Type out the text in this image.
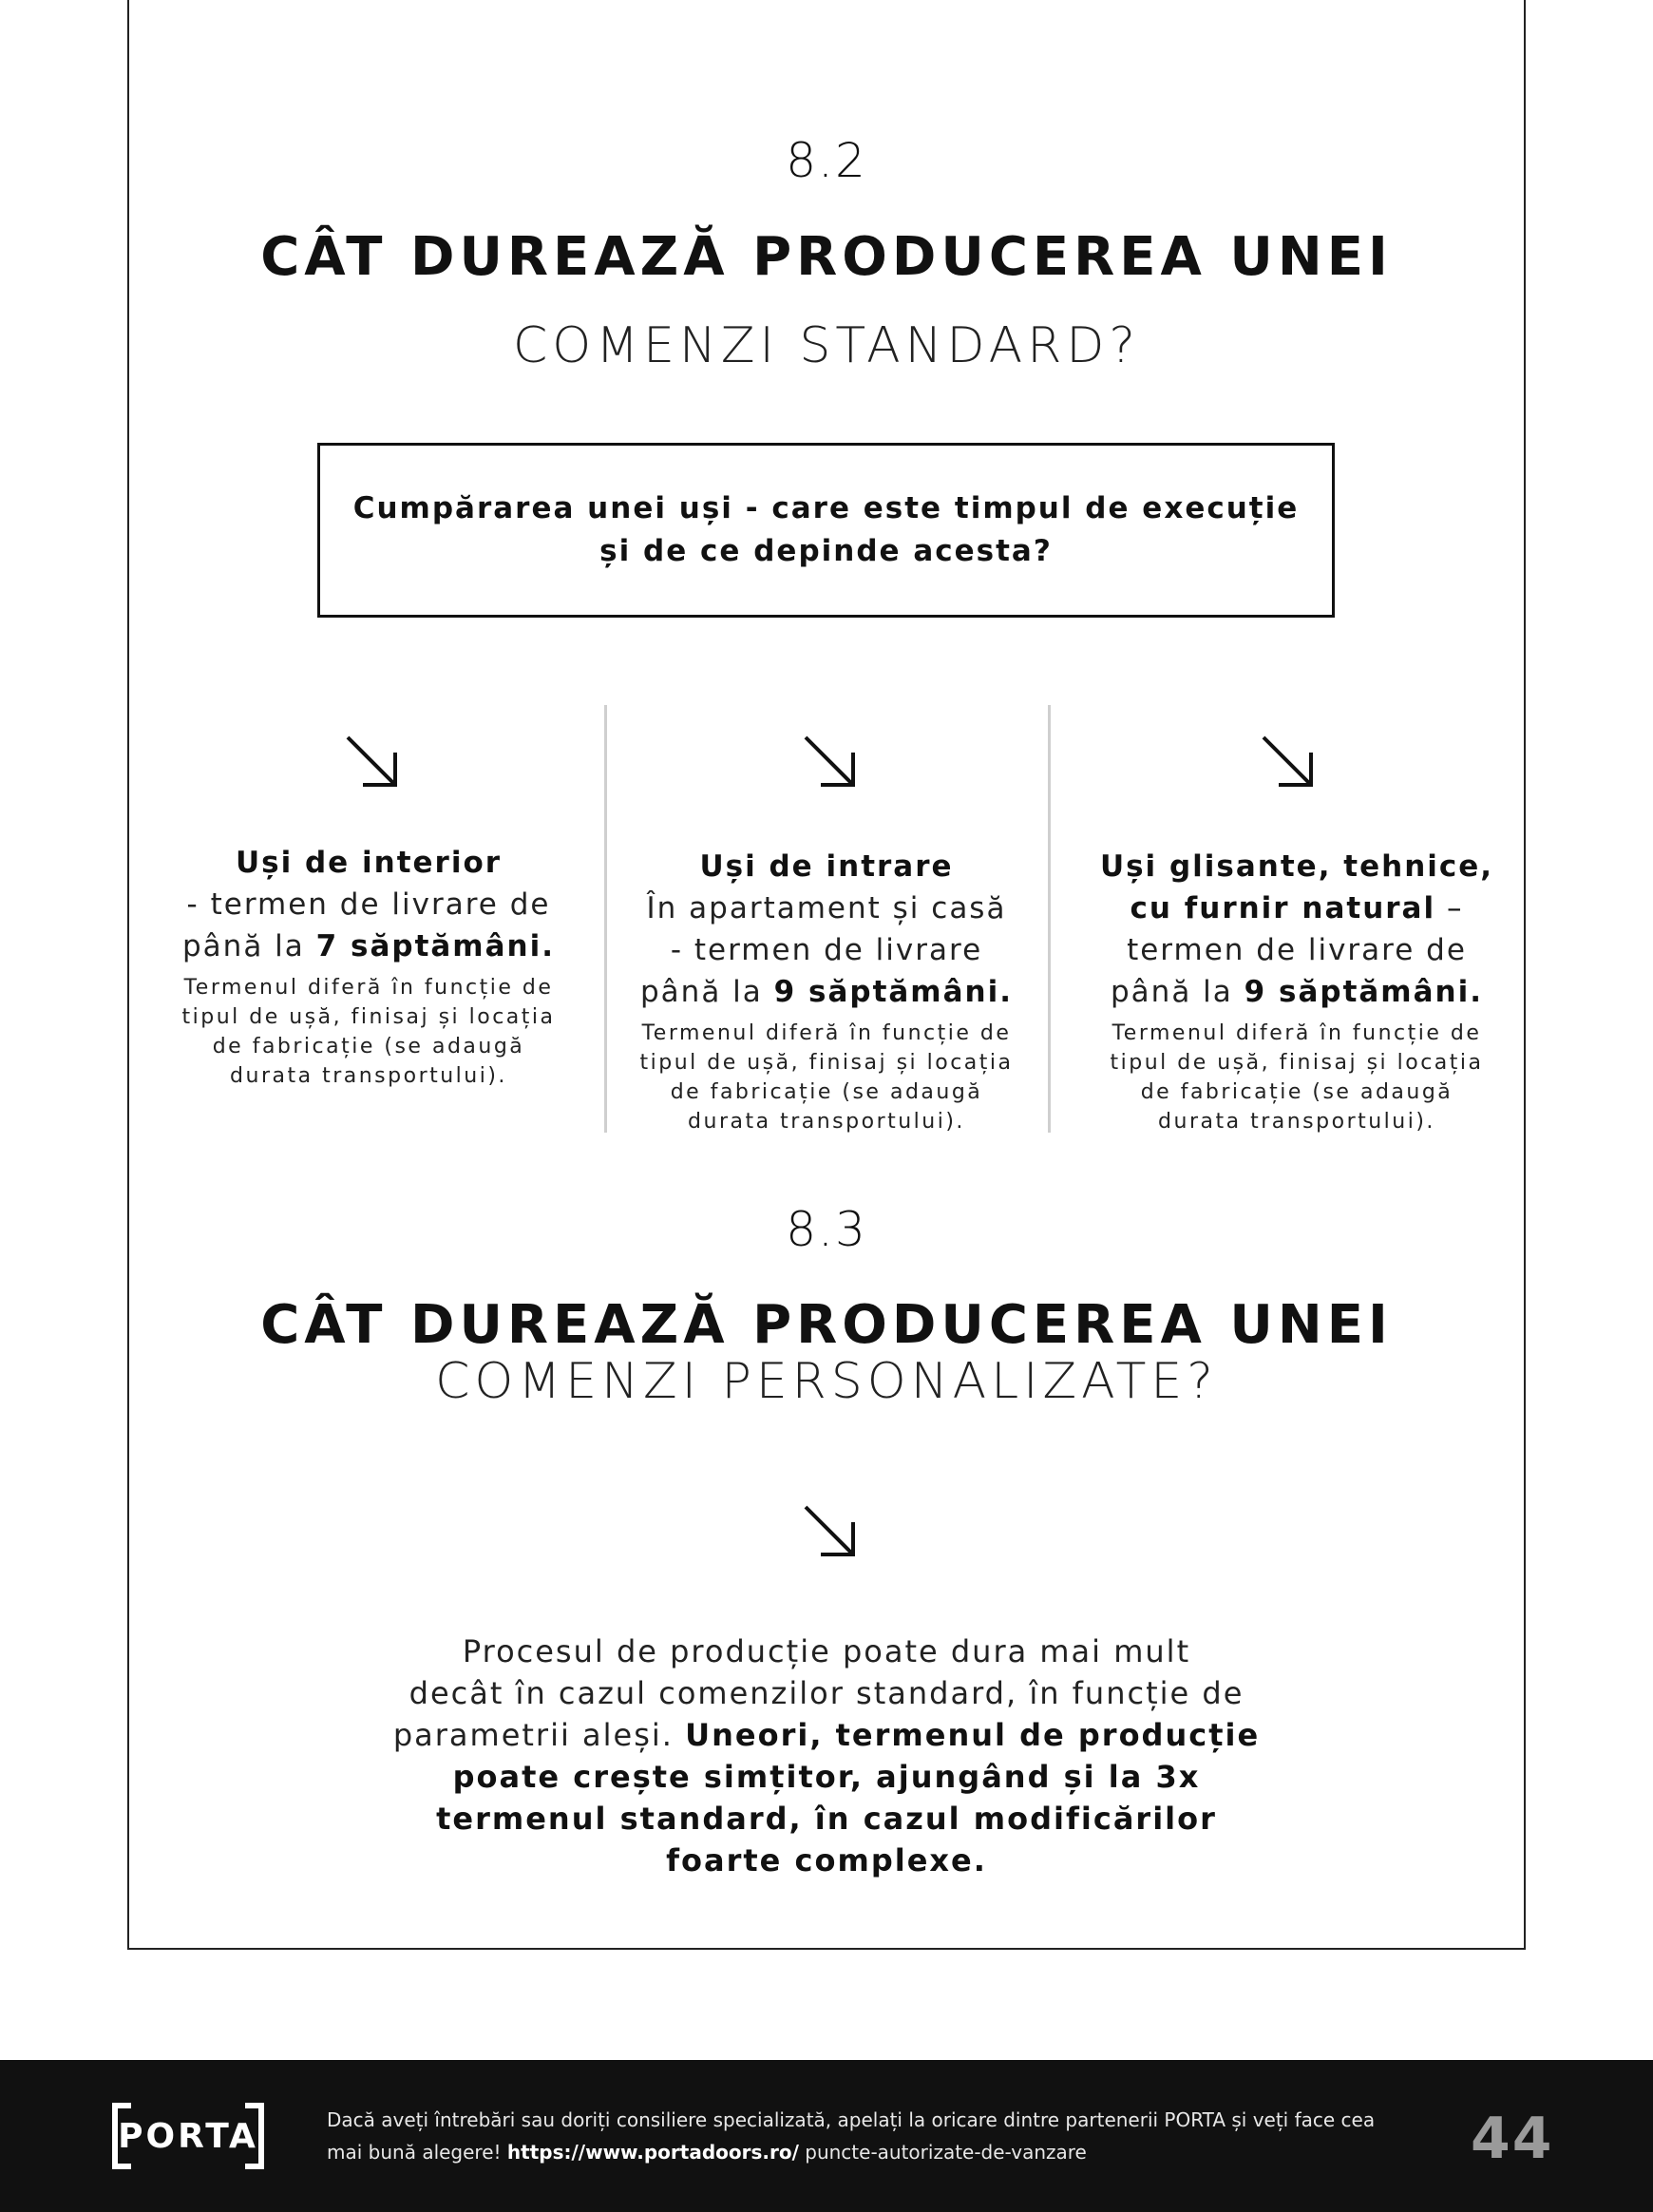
8.2
CÂT DUREAZĂ PRODUCEREA UNEI
COMENZI STANDARD?
Cumpărarea unei uși - care este timpul de execuție
și de ce depinde acesta?
Uși de interior
- termen de livrare de
până la 7 săptămâni.
Termenul diferă în funcție de
tipul de ușă, finisaj și locația
de fabricație (se adaugă
durata transportului).
Uși de intrare
În apartament și casă
- termen de livrare
până la 9 săptămâni.
Termenul diferă în funcție de
tipul de ușă, finisaj și locația
de fabricație (se adaugă
durata transportului).
Uși glisante, tehnice,
cu furnir natural –
termen de livrare de
până la 9 săptămâni.
Termenul diferă în funcție de
tipul de ușă, finisaj și locația
de fabricație (se adaugă
durata transportului).
8.3
CÂT DUREAZĂ PRODUCEREA UNEI
COMENZI PERSONALIZATE?
Procesul de producție poate dura mai mult
decât în cazul comenzilor standard, în funcție de
parametrii aleși. Uneori, termenul de producție
poate crește simțitor, ajungând și la 3x
termenul standard, în cazul modificărilor
foarte complexe.
PORTA	Dacă aveți întrebări sau doriți consiliere specializată, apelați la oricare dintre partenerii PORTA și veți face cea
mai bună alegere! https://www.portadoors.ro/ puncte-autorizate-de-vanzare	44
